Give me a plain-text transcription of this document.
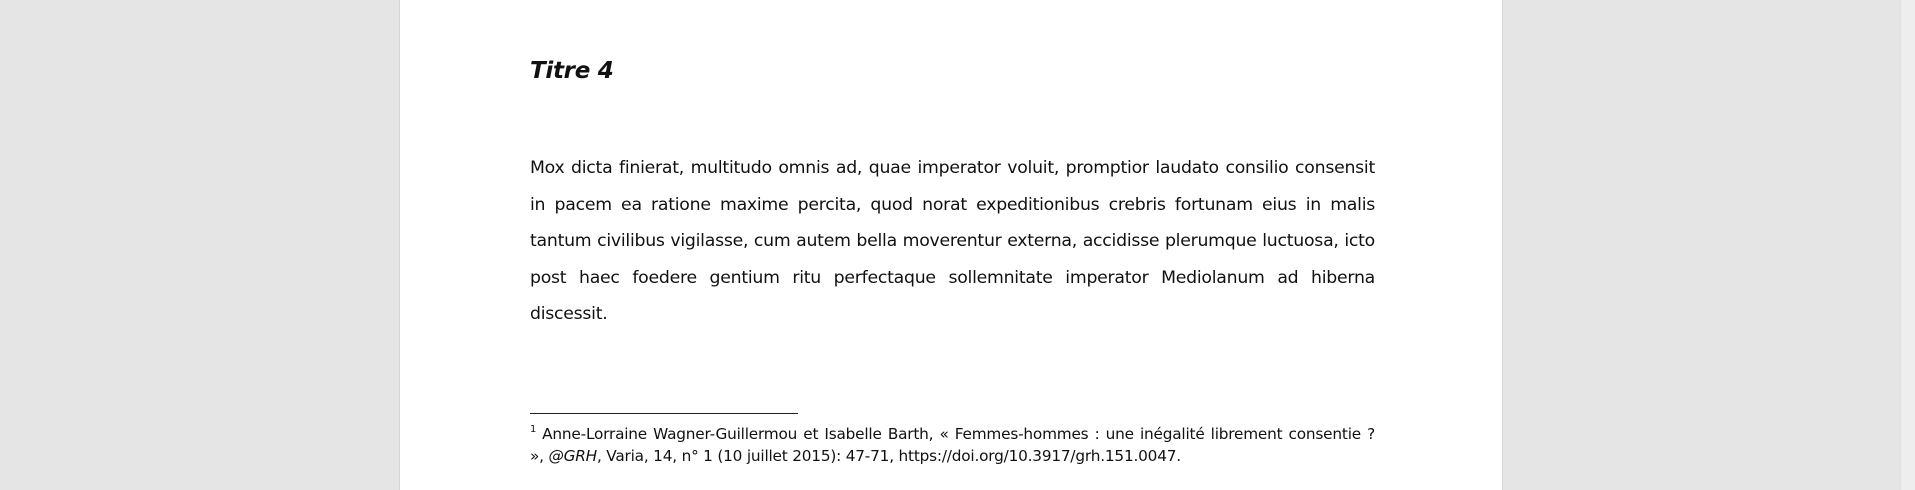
Titre 4
Mox dicta finierat, multitudo omnis ad, quae imperator voluit, promptior laudato consilio consensit in pacem ea ratione maxime percita, quod norat expeditionibus crebris fortunam eius in malis tantum civilibus vigilasse, cum autem bella moverentur externa, accidisse plerumque luctuosa, icto post haec foedere gentium ritu perfectaque sollemnitate imperator Mediolanum ad hiberna discessit.
$^1$ Anne-Lorraine Wagner-Guillermou et Isabelle Barth, « Femmes-hommes : une inégalité librement consentie ? », @GRH, Varia, 14, n° 1 (10 juillet 2015): 47-71, https://doi.org/10.3917/grh.151.0047.
